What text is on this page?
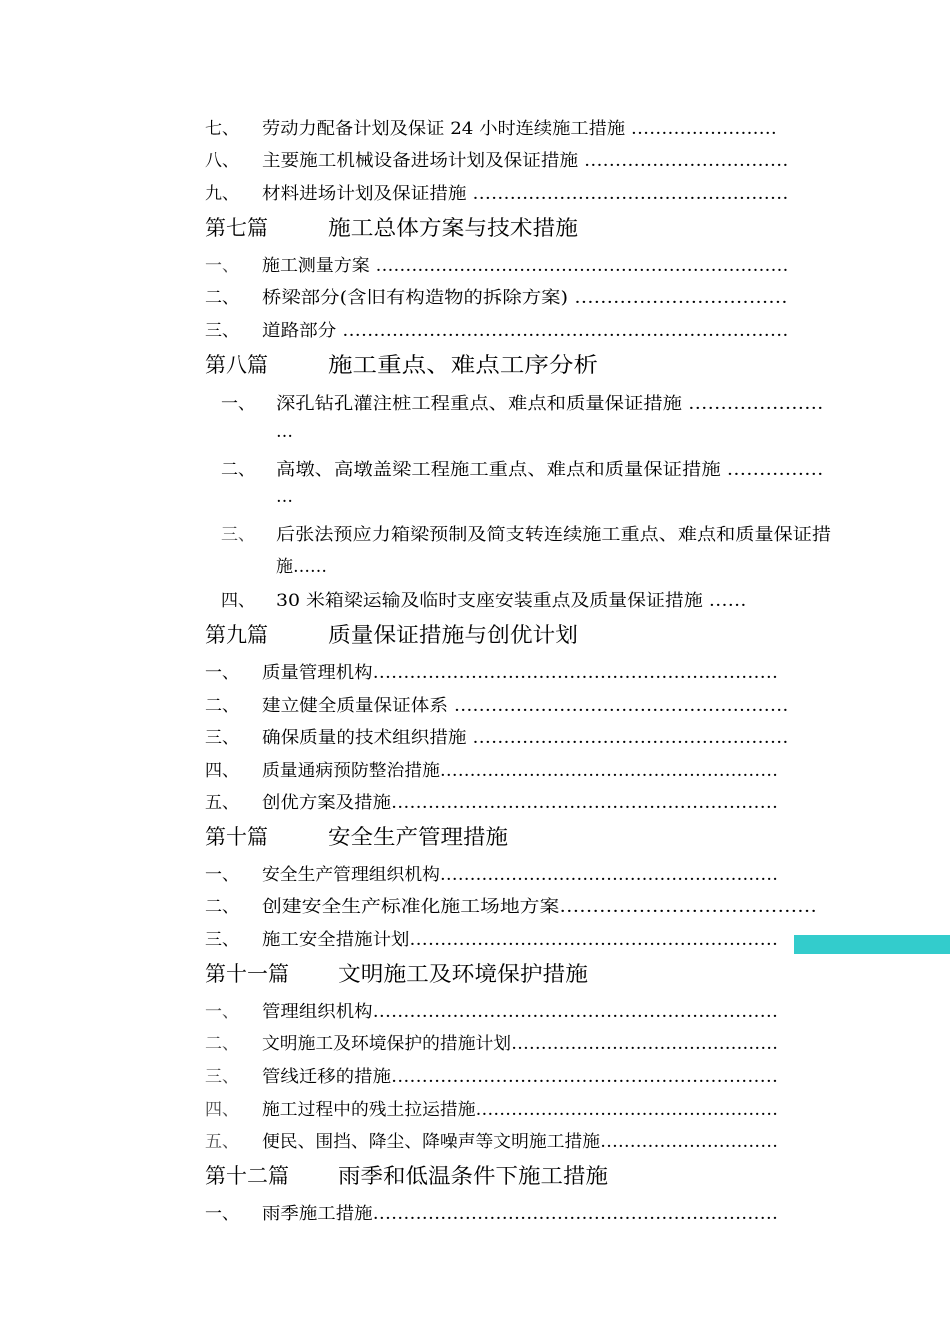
七、 劳动力配备计划及保证 24 小时连续施工措施 ……………………
八、 主要施工机械设备进场计划及保证措施 ……………………………
九、 材料进场计划及保证措施 ……………………………………………
第七篇	施工总体方案与技术措施
一、 施工测量方案 ……………………………………………………………
二、 桥梁部分(含旧有构造物的拆除方案) ……………………………
三、 道路部分 ………………………………………………………………
第八篇	施工重点、难点工序分析
一、 深孔钻孔灌注桩工程重点、难点和质量保证措施 …………………
…
二、 高墩、高墩盖梁工程施工重点、难点和质量保证措施 ……………
…
三、 后张法预应力箱梁预制及简支转连续施工重点、难点和质量保证措
施……
四、 30 米箱梁运输及临时支座安装重点及质量保证措施 ……
第九篇	质量保证措施与创优计划
一、 质量管理机构…………………………………………………………
二、 建立健全质量保证体系 ………………………………………………
三、 确保质量的技术组织措施 ……………………………………………
四、 质量通病预防整治措施…………………………………………………
五、 创优方案及措施………………………………………………………
第十篇	安全生产管理措施
一、 安全生产管理组织机构…………………………………………………
二、 创建安全生产标准化施工场地方案…………………………………
三、 施工安全措施计划……………………………………………………
第十一篇 文明施工及环境保护措施
一、 管理组织机构…………………………………………………………
二、 文明施工及环境保护的措施计划………………………………………
三、 管线迁移的措施………………………………………………………
四、 施工过程中的残土拉运措施……………………………………………
五、 便民、围挡、降尘、降噪声等文明施工措施…………………………
第十二篇 雨季和低温条件下施工措施
一、 雨季施工措施…………………………………………………………
